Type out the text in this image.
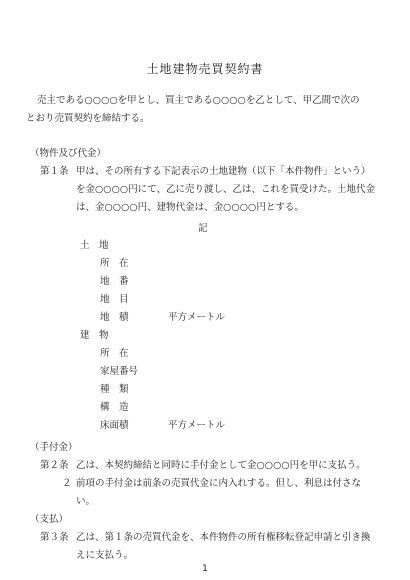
土地建物売買契約書
売主である○○○○を甲とし、買主である○○○○を乙として、甲乙間で次の
とおり売買契約を締結する。
（物件及び代金）
第１条 甲は、その所有する下記表示の土地建物（以下「本件物件」という）
を金○○○○円にて、乙に売り渡し、乙は、これを買受けた。土地代金
は、金○○○○円、建物代金は、金○○○○円とする。
記
土　地
所　在
地　番
地　目
地　積	平方メートル
建　物
所　在
家屋番号
種　類
構　造
床面積	平方メートル
（手付金）
第２条 乙は、本契約締結と同時に手付金として金○○○○円を甲に支払う。
２ 前項の手付金は前条の売買代金に内入れする。但し、利息は付さな
い。
（支払）
第３条 乙は、第１条の売買代金を、本件物件の所有権移転登記申請と引き換
えに支払う。
1
